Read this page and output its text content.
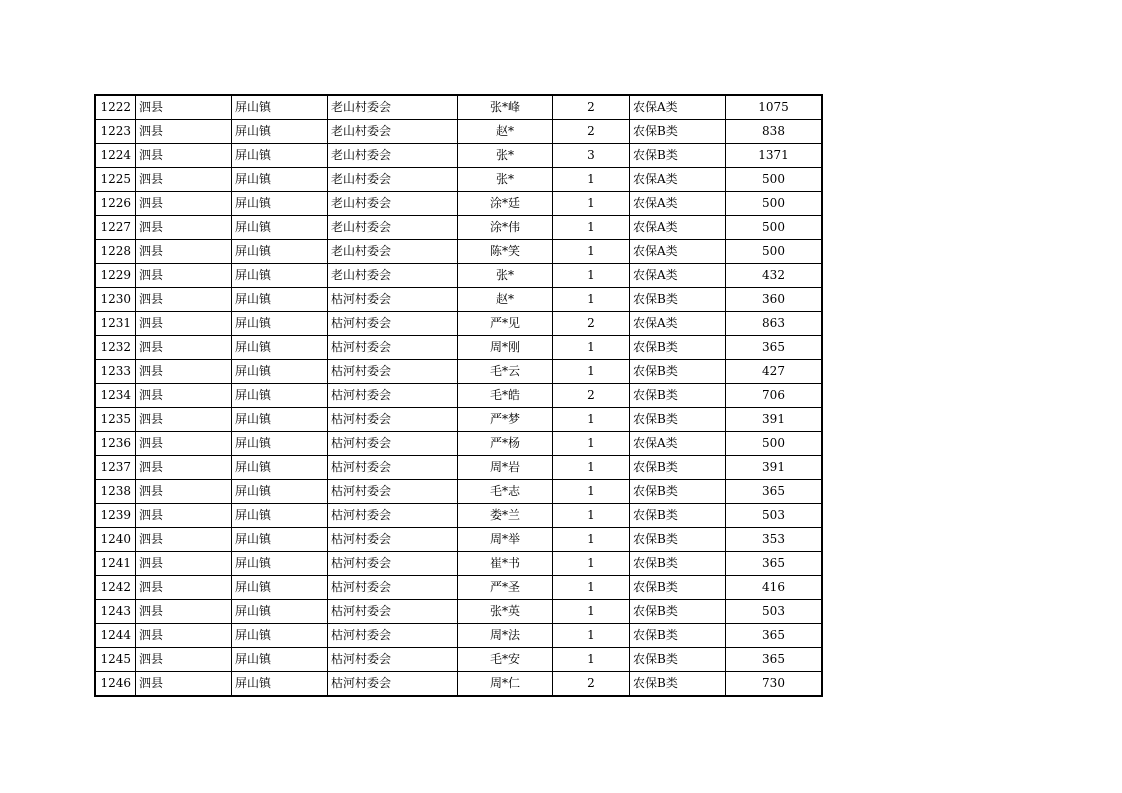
1222	泗县	屏山镇	老山村委会	张*峰	2	农保A类	1075
1223	泗县	屏山镇	老山村委会	赵*	2	农保B类	838
1224	泗县	屏山镇	老山村委会	张*	3	农保B类	1371
1225	泗县	屏山镇	老山村委会	张*	1	农保A类	500
1226	泗县	屏山镇	老山村委会	涂*廷	1	农保A类	500
1227	泗县	屏山镇	老山村委会	涂*伟	1	农保A类	500
1228	泗县	屏山镇	老山村委会	陈*笑	1	农保A类	500
1229	泗县	屏山镇	老山村委会	张*	1	农保A类	432
1230	泗县	屏山镇	枯河村委会	赵*	1	农保B类	360
1231	泗县	屏山镇	枯河村委会	严*见	2	农保A类	863
1232	泗县	屏山镇	枯河村委会	周*刚	1	农保B类	365
1233	泗县	屏山镇	枯河村委会	毛*云	1	农保B类	427
1234	泗县	屏山镇	枯河村委会	毛*皓	2	农保B类	706
1235	泗县	屏山镇	枯河村委会	严*梦	1	农保B类	391
1236	泗县	屏山镇	枯河村委会	严*杨	1	农保A类	500
1237	泗县	屏山镇	枯河村委会	周*岩	1	农保B类	391
1238	泗县	屏山镇	枯河村委会	毛*志	1	农保B类	365
1239	泗县	屏山镇	枯河村委会	娄*兰	1	农保B类	503
1240	泗县	屏山镇	枯河村委会	周*举	1	农保B类	353
1241	泗县	屏山镇	枯河村委会	崔*书	1	农保B类	365
1242	泗县	屏山镇	枯河村委会	严*圣	1	农保B类	416
1243	泗县	屏山镇	枯河村委会	张*英	1	农保B类	503
1244	泗县	屏山镇	枯河村委会	周*法	1	农保B类	365
1245	泗县	屏山镇	枯河村委会	毛*安	1	农保B类	365
1246	泗县	屏山镇	枯河村委会	周*仁	2	农保B类	730
